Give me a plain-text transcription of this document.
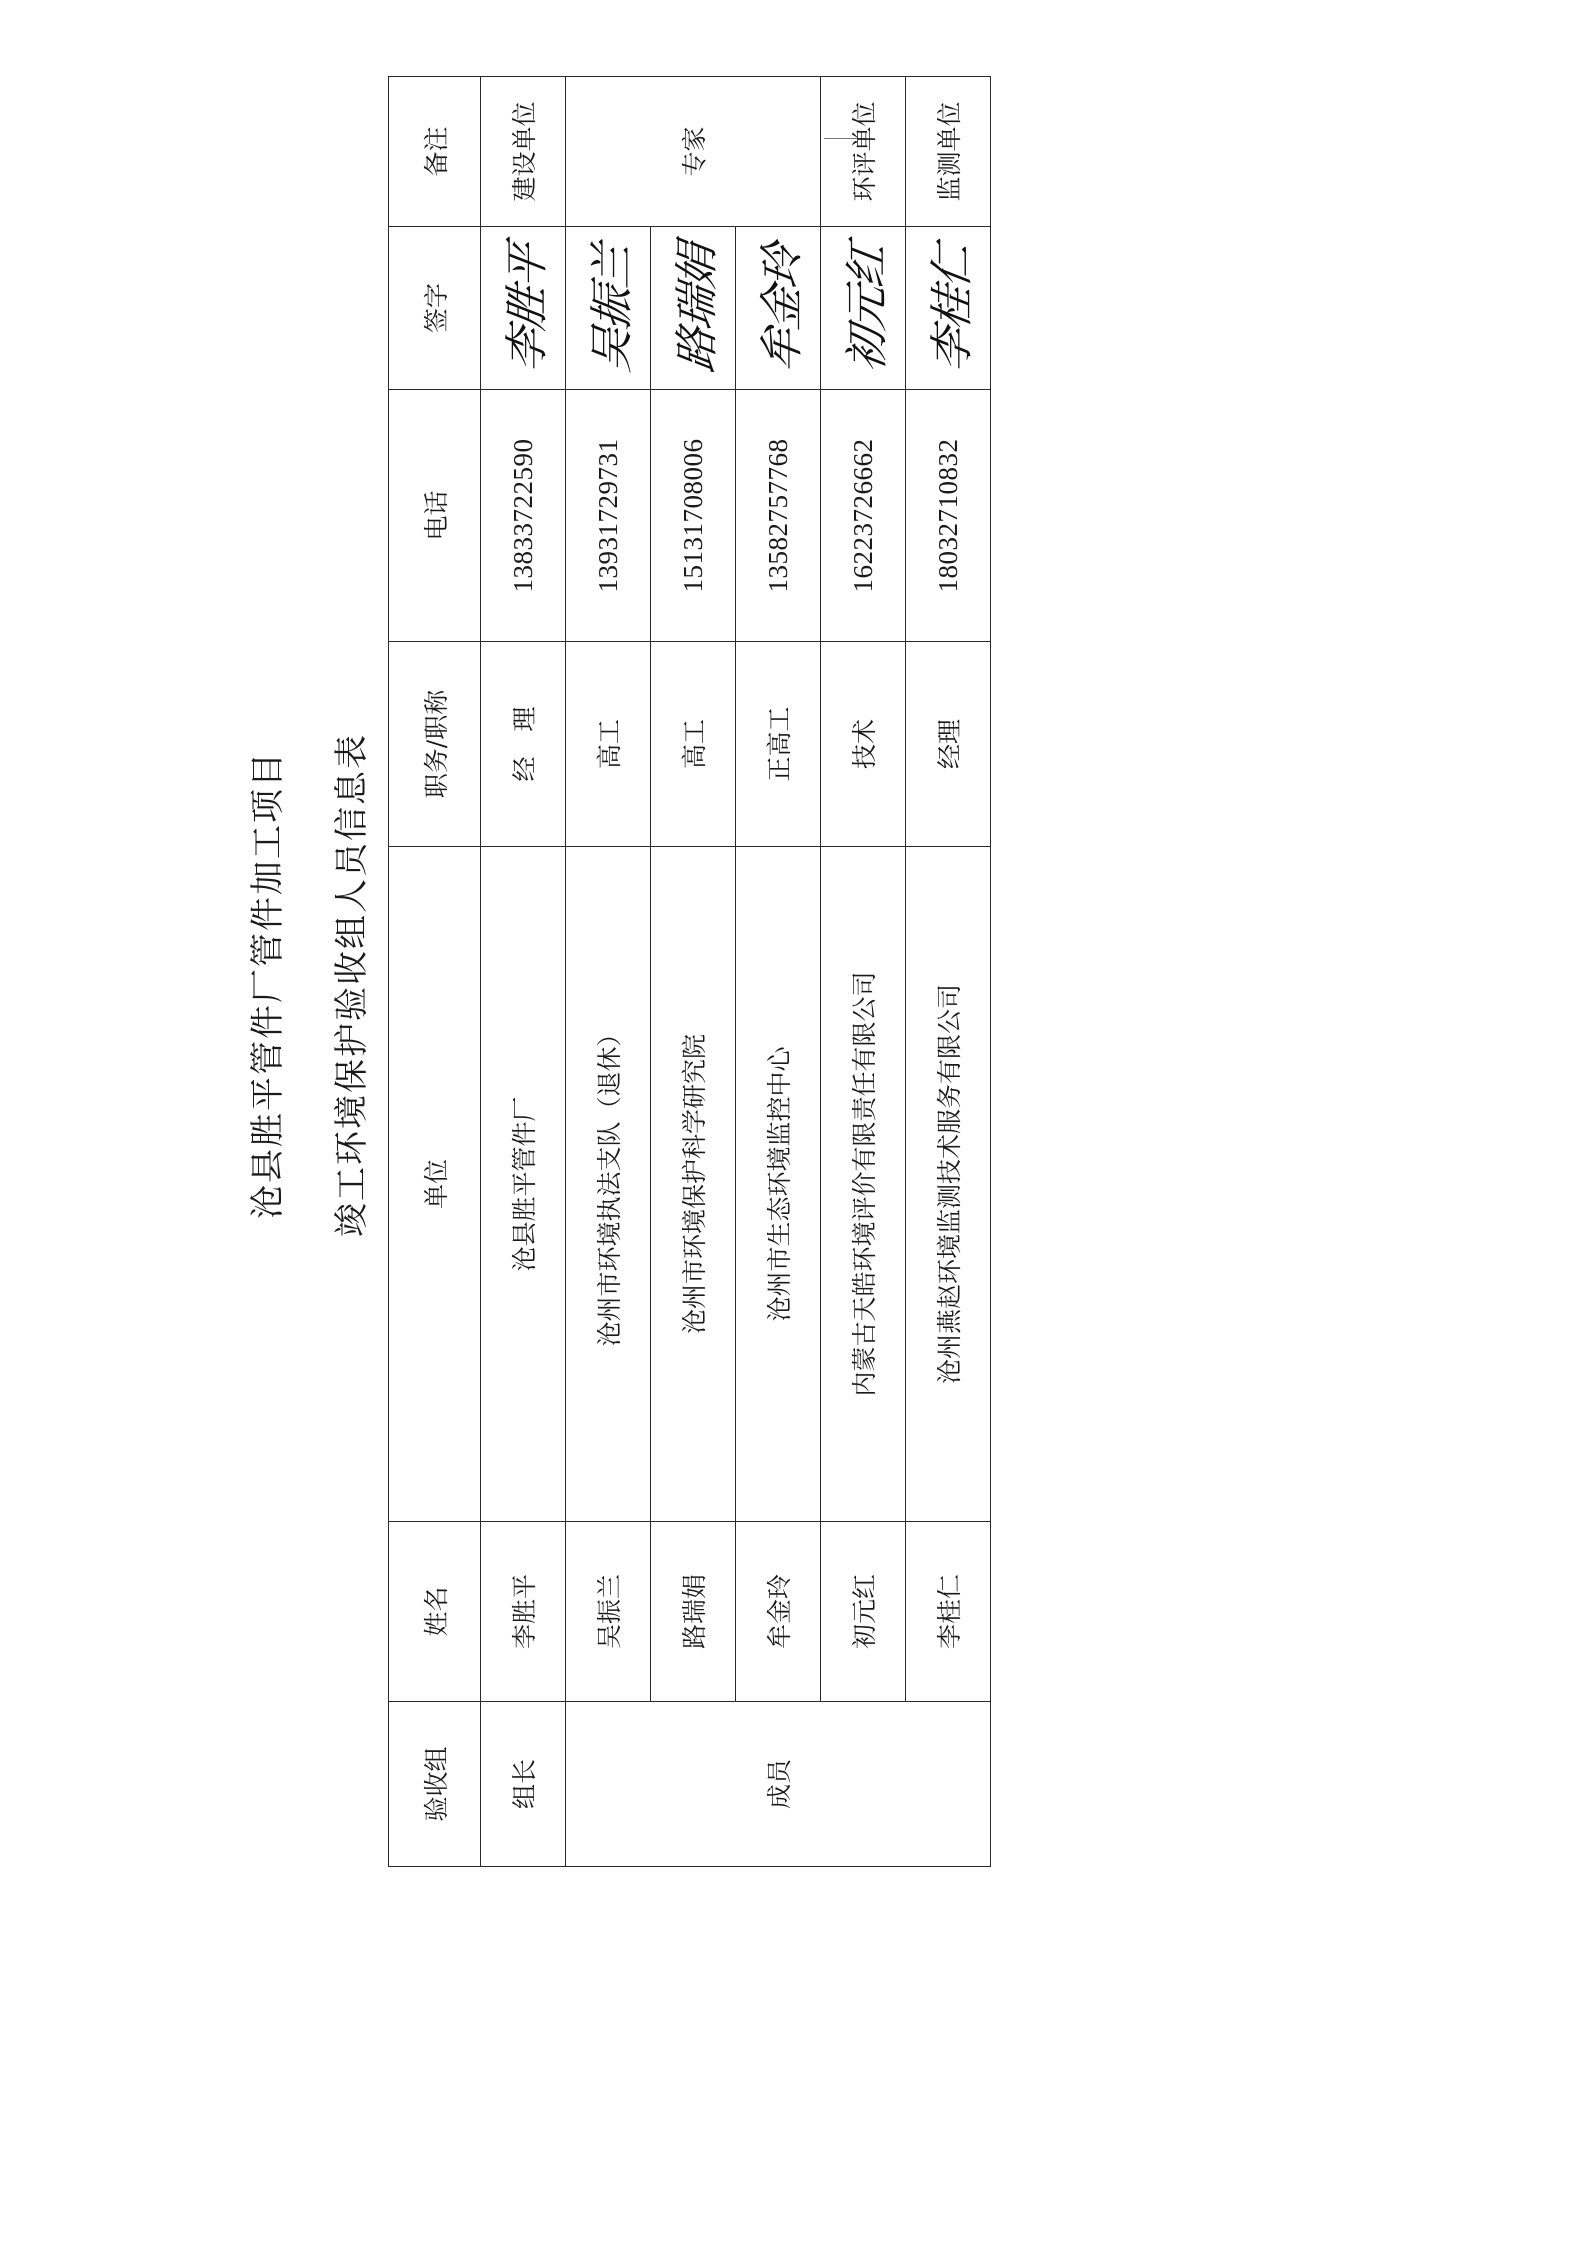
沧县胜平管件厂管件加工项目 竣工环境保护验收组人员信息表
验收组	姓名	单位	职务/职称	电话	签字	备注
组长	李胜平	沧县胜平管件厂	经　理	13833722590	李胜平	建设单位
成员	吴振兰	沧州市环境执法支队（退休）	高工	13931729731	吴振兰	专家
	路瑞娟	沧州市环境保护科学研究院	高工	15131708006	路瑞娟	
	牟金玲	沧州市生态环境监控中心	正高工	13582757768	牟金玲	
	初元红	内蒙古天皓环境评价有限责任有限公司	技术	16223726662	初元红	环评单位
	李桂仁	沧州燕赵环境监测技术服务有限公司	经理	18032710832	李桂仁	监测单位
